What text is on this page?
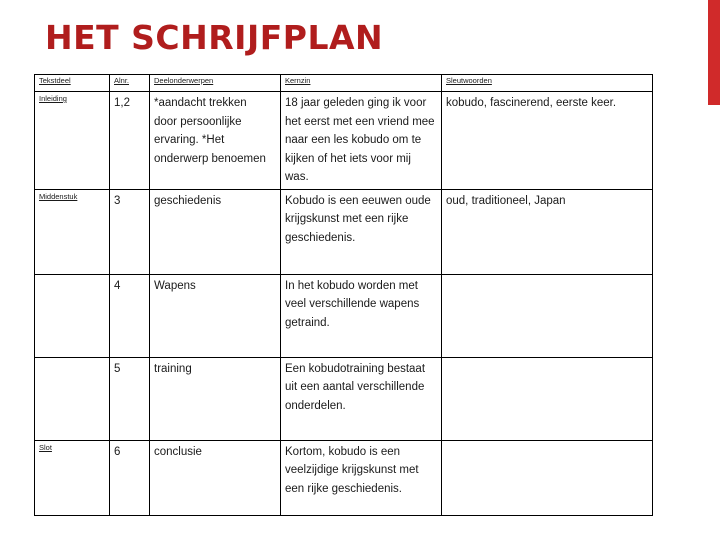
HET SCHRIJFPLAN
Tekstdeel	Alnr.	Deelonderwerpen	Kernzin	Sleutwoorden
Inleiding	1,2	*aandacht trekken door persoonlijke ervaring. *Het onderwerp benoemen	18 jaar geleden ging ik voor het eerst met een vriend mee naar een les kobudo om te kijken of het iets voor mij was.	kobudo, fascinerend, eerste keer.
Middenstuk	3	geschiedenis	Kobudo is een eeuwen oude krijgskunst met een rijke geschiedenis.	oud, traditioneel, Japan
	4	Wapens	In het kobudo worden met veel verschillende wapens getraind.	
	5	training	Een kobudotraining bestaat uit een aantal verschillende onderdelen.	
Slot	6	conclusie	Kortom, kobudo is een veelzijdige krijgskunst met een rijke geschiedenis.	
